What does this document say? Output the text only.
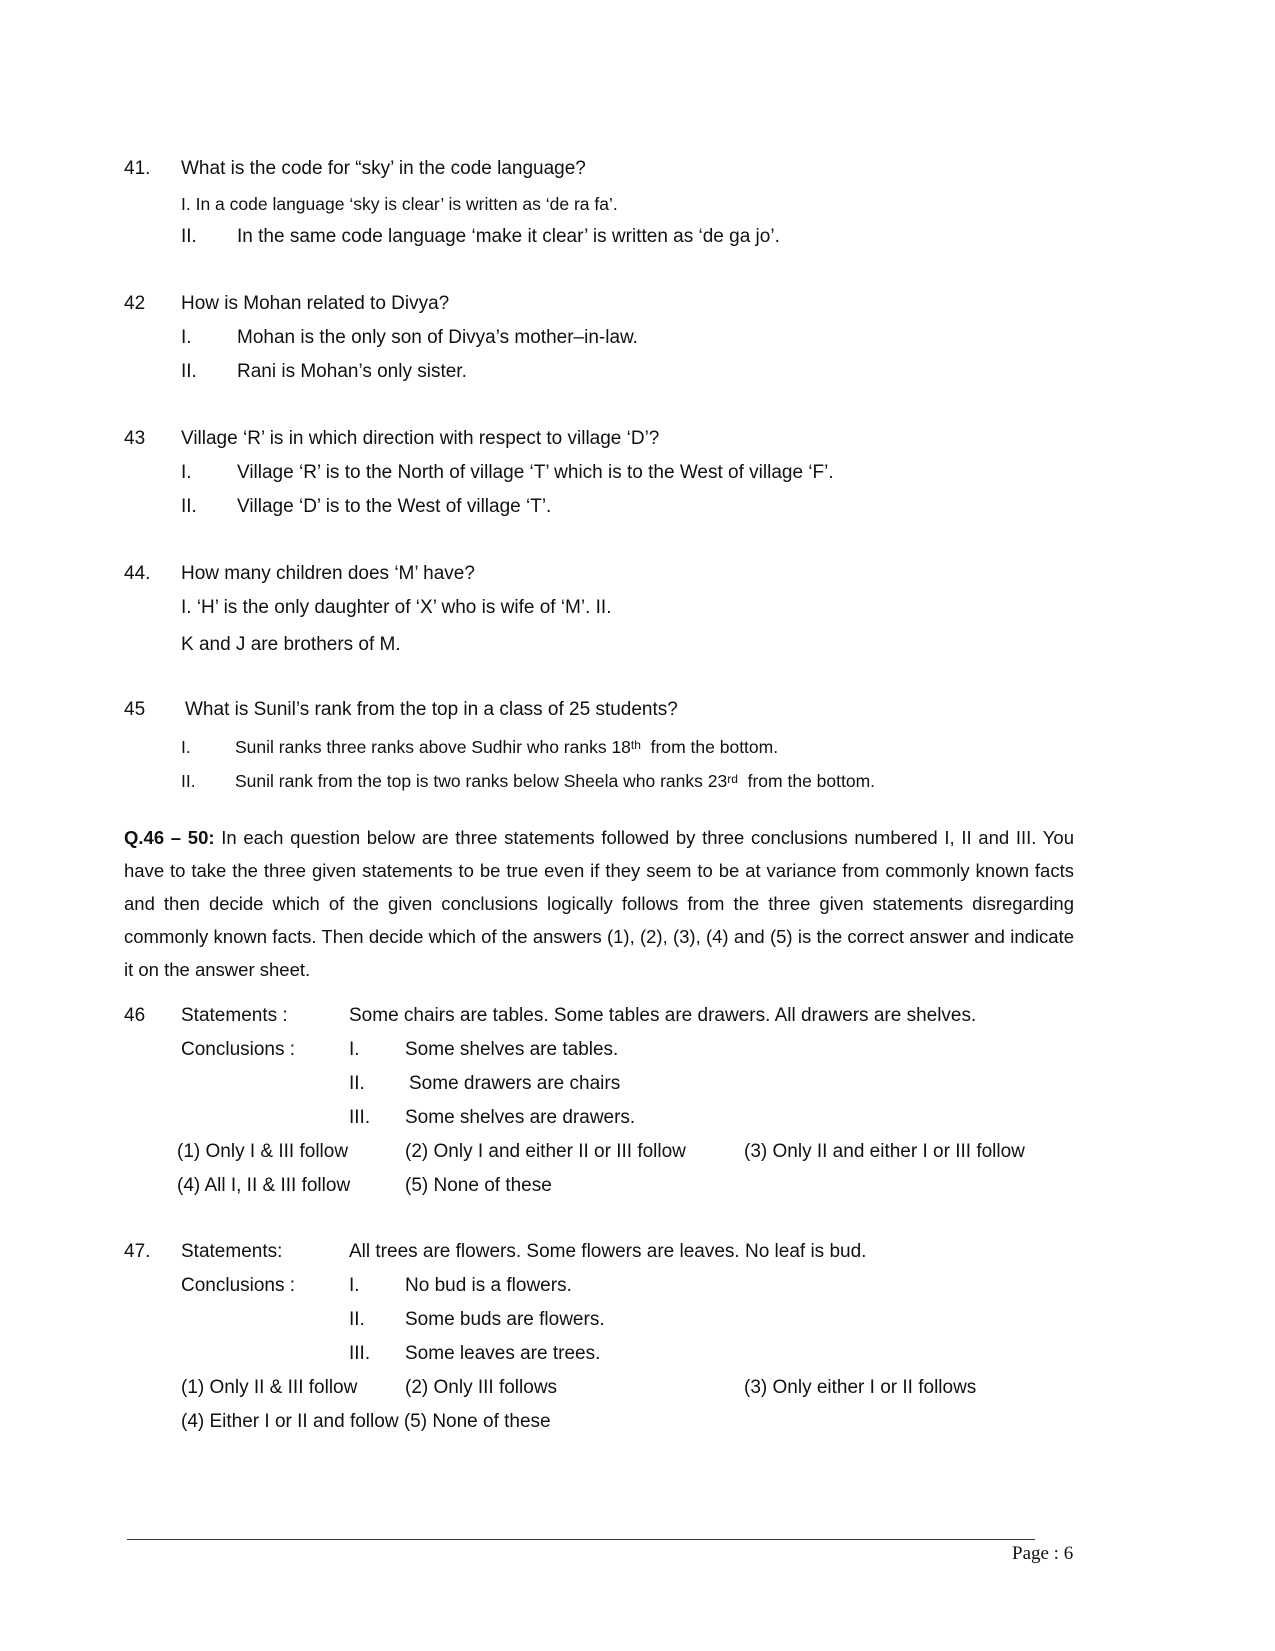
41. What is the code for “sky’ in the code language?
I. In a code language ‘sky is clear’ is written as ‘de ra fa’.
II. In the same code language ‘make it clear’ is written as ‘de ga jo’.
42 How is Mohan related to Divya?
I. Mohan is the only son of Divya’s mother–in-law.
II. Rani is Mohan’s only sister.
43 Village ‘R’ is in which direction with respect to village ‘D’?
I. Village ‘R’ is to the North of village ‘T’ which is to the West of village ‘F’.
II. Village ‘D’ is to the West of village ‘T’.
44. How many children does ‘M’ have?
I. ‘H’ is the only daughter of ‘X’ who is wife of ‘M’. II.
K and J are brothers of M.
45 What is Sunil’s rank from the top in a class of 25 students?
I.	Sunil ranks three ranks above Sudhir who ranks 18th from the bottom.
II. Sunil rank from the top is two ranks below Sheela who ranks 23rd from the bottom.
Q.46 – 50: In each question below are three statements followed by three conclusions numbered I, II and III. You have to take the three given statements to be true even if they seem to be at variance from commonly known facts and then decide which of the given conclusions logically follows from the three given statements disregarding commonly known facts. Then decide which of the answers (1), (2), (3), (4) and (5) is the correct answer and indicate it on the answer sheet.
46 Statements :	Some chairs are tables. Some tables are drawers. All drawers are shelves.
Conclusions :	I. Some shelves are tables.
II. Some drawers are chairs
III. Some shelves are drawers.
(1) Only I & III follow	(2) Only I and either II or III follow	(3) Only II and either I or III follow
(4) All I, II & III follow	(5) None of these
47. Statements:	All trees are flowers. Some flowers are leaves. No leaf is bud.
Conclusions :	I. No bud is a flowers.
II. Some buds are flowers.
III. Some leaves are trees.
(1) Only II & III follow	(2) Only III follows	(3) Only either I or II follows
(4) Either I or II and follow (5) None of these
Page : 6
